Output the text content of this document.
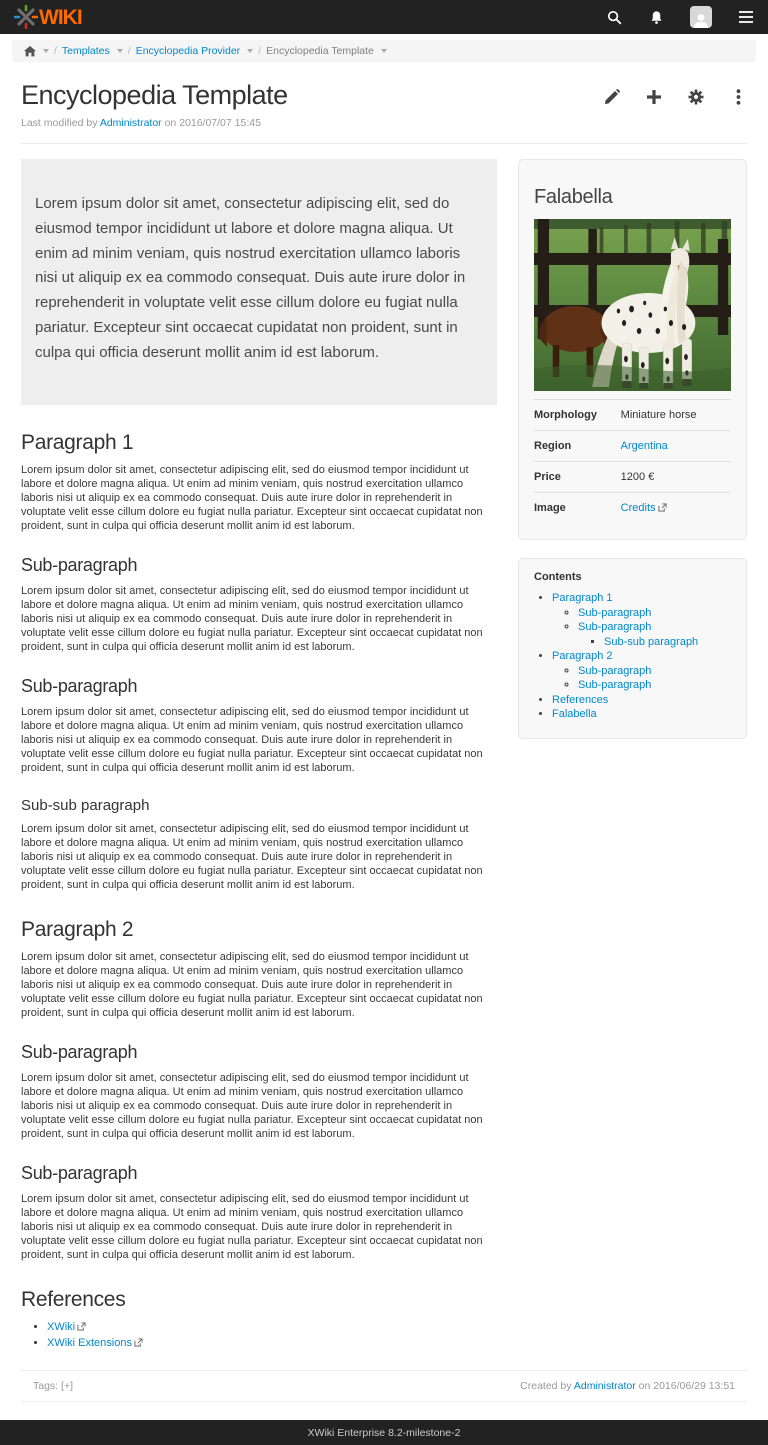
WIKI
/ Templates / Encyclopedia Provider / Encyclopedia Template
Encyclopedia Template
Last modified by Administrator on 2016/07/07 15:45
Lorem ipsum dolor sit amet, consectetur adipiscing elit, sed do eiusmod tempor incididunt ut labore et dolore magna aliqua. Ut enim ad minim veniam, quis nostrud exercitation ullamco laboris nisi ut aliquip ex ea commodo consequat. Duis aute irure dolor in reprehenderit in voluptate velit esse cillum dolore eu fugiat nulla pariatur. Excepteur sint occaecat cupidatat non proident, sunt in culpa qui officia deserunt mollit anim id est laborum.
Paragraph 1

Lorem ipsum dolor sit amet, consectetur adipiscing elit, sed do eiusmod tempor incididunt ut labore et dolore magna aliqua. Ut enim ad minim veniam, quis nostrud exercitation ullamco laboris nisi ut aliquip ex ea commodo consequat. Duis aute irure dolor in reprehenderit in voluptate velit esse cillum dolore eu fugiat nulla pariatur. Excepteur sint occaecat cupidatat non proident, sunt in culpa qui officia deserunt mollit anim id est laborum.

Sub-paragraph

Lorem ipsum dolor sit amet, consectetur adipiscing elit, sed do eiusmod tempor incididunt ut labore et dolore magna aliqua. Ut enim ad minim veniam, quis nostrud exercitation ullamco laboris nisi ut aliquip ex ea commodo consequat. Duis aute irure dolor in reprehenderit in voluptate velit esse cillum dolore eu fugiat nulla pariatur. Excepteur sint occaecat cupidatat non proident, sunt in culpa qui officia deserunt mollit anim id est laborum.

Sub-paragraph

Lorem ipsum dolor sit amet, consectetur adipiscing elit, sed do eiusmod tempor incididunt ut labore et dolore magna aliqua. Ut enim ad minim veniam, quis nostrud exercitation ullamco laboris nisi ut aliquip ex ea commodo consequat. Duis aute irure dolor in reprehenderit in voluptate velit esse cillum dolore eu fugiat nulla pariatur. Excepteur sint occaecat cupidatat non proident, sunt in culpa qui officia deserunt mollit anim id est laborum.

Sub-sub paragraph

Lorem ipsum dolor sit amet, consectetur adipiscing elit, sed do eiusmod tempor incididunt ut labore et dolore magna aliqua. Ut enim ad minim veniam, quis nostrud exercitation ullamco laboris nisi ut aliquip ex ea commodo consequat. Duis aute irure dolor in reprehenderit in voluptate velit esse cillum dolore eu fugiat nulla pariatur. Excepteur sint occaecat cupidatat non proident, sunt in culpa qui officia deserunt mollit anim id est laborum.

Paragraph 2

Lorem ipsum dolor sit amet, consectetur adipiscing elit, sed do eiusmod tempor incididunt ut labore et dolore magna aliqua. Ut enim ad minim veniam, quis nostrud exercitation ullamco laboris nisi ut aliquip ex ea commodo consequat. Duis aute irure dolor in reprehenderit in voluptate velit esse cillum dolore eu fugiat nulla pariatur. Excepteur sint occaecat cupidatat non proident, sunt in culpa qui officia deserunt mollit anim id est laborum.

Sub-paragraph

Lorem ipsum dolor sit amet, consectetur adipiscing elit, sed do eiusmod tempor incididunt ut labore et dolore magna aliqua. Ut enim ad minim veniam, quis nostrud exercitation ullamco laboris nisi ut aliquip ex ea commodo consequat. Duis aute irure dolor in reprehenderit in voluptate velit esse cillum dolore eu fugiat nulla pariatur. Excepteur sint occaecat cupidatat non proident, sunt in culpa qui officia deserunt mollit anim id est laborum.

Sub-paragraph

Lorem ipsum dolor sit amet, consectetur adipiscing elit, sed do eiusmod tempor incididunt ut labore et dolore magna aliqua. Ut enim ad minim veniam, quis nostrud exercitation ullamco laboris nisi ut aliquip ex ea commodo consequat. Duis aute irure dolor in reprehenderit in voluptate velit esse cillum dolore eu fugiat nulla pariatur. Excepteur sint occaecat cupidatat non proident, sunt in culpa qui officia deserunt mollit anim id est laborum.

References
• XWiki
• XWiki Extensions
Falabella
Morphology	Miniature horse
Region	Argentina
Price	1200 €
Image	Credits
Contents
• Paragraph 1
◦ Sub-paragraph
◦ Sub-paragraph
▪ Sub-sub paragraph
• Paragraph 2
◦ Sub-paragraph
◦ Sub-paragraph
• References
• Falabella
Tags: [+]	Created by Administrator on 2016/06/29 13:51
XWiki Enterprise 8.2-milestone-2
